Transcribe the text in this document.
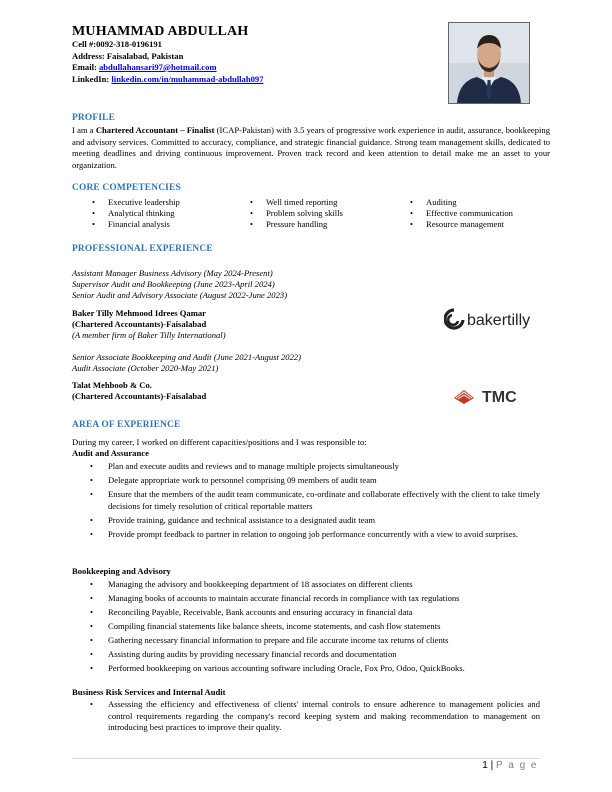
MUHAMMAD ABDULLAH
Cell #:0092-318-0196191
Address: Faisalabad, Pakistan
Email: abdullahansari97@hotmail.com
LinkedIn: linkedin.com/in/muhammad-abdullah097
PROFILE
I am a Chartered Accountant – Finalist (ICAP-Pakistan) with 3.5 years of progressive work experience in audit, assurance, bookkeeping and advisory services. Committed to accuracy, compliance, and strategic financial guidance. Strong team management skills, dedicated to meeting deadlines and driving continuous improvement. Proven track record and keen attention to detail make me an asset to your organization.
CORE COMPETENCIES
• Executive leadership
• Analytical thinking
• Financial analysis
• Well timed reporting
• Problem solving skills
• Pressure handling
• Auditing
• Effective communication
• Resource management
PROFESSIONAL EXPERIENCE
Assistant Manager Business Advisory (May 2024-Present)
Supervisor Audit and Bookkeeping (June 2023-April 2024)
Senior Audit and Advisory Associate (August 2022-June 2023)
Baker Tilly Mehmood Idrees Qamar
(Chartered Accountants)-Faisalabad
(A member firm of Baker Tilly International)
bakertilly
Senior Associate Bookkeeping and Audit (June 2021-August 2022)
Audit Associate (October 2020-May 2021)
Talat Mehboob & Co.
(Chartered Accountants)-Faisalabad	TMC
AREA OF EXPERIENCE
During my career, I worked on different capacities/positions and I was responsible to:
Audit and Assurance
• Plan and execute audits and reviews and to manage multiple projects simultaneously
• Delegate appropriate work to personnel comprising 09 members of audit team
• Ensure that the members of the audit team communicate, co-ordinate and collaborate effectively with the client to take timely decisions for timely resolution of critical reportable matters
• Provide training, guidance and technical assistance to a designated audit team
• Provide prompt feedback to partner in relation to ongoing job performance concurrently with a view to avoid surprises.
Bookkeeping and Advisory
• Managing the advisory and bookkeeping department of 18 associates on different clients
• Managing books of accounts to maintain accurate financial records in compliance with tax regulations
• Reconciling Payable, Receivable, Bank accounts and ensuring accuracy in financial data
• Compiling financial statements like balance sheets, income statements, and cash flow statements
• Gathering necessary financial information to prepare and file accurate income tax returns of clients
• Assisting during audits by providing necessary financial records and documentation
• Performed bookkeeping on various accounting software including Oracle, Fox Pro, Odoo, QuickBooks.
Business Risk Services and Internal Audit
• Assessing the efficiency and effectiveness of clients' internal controls to ensure adherence to management policies and control requirements regarding the company's record keeping system and making recommendation to management on introducing best practices to improve their quality.
1 | P a g e
